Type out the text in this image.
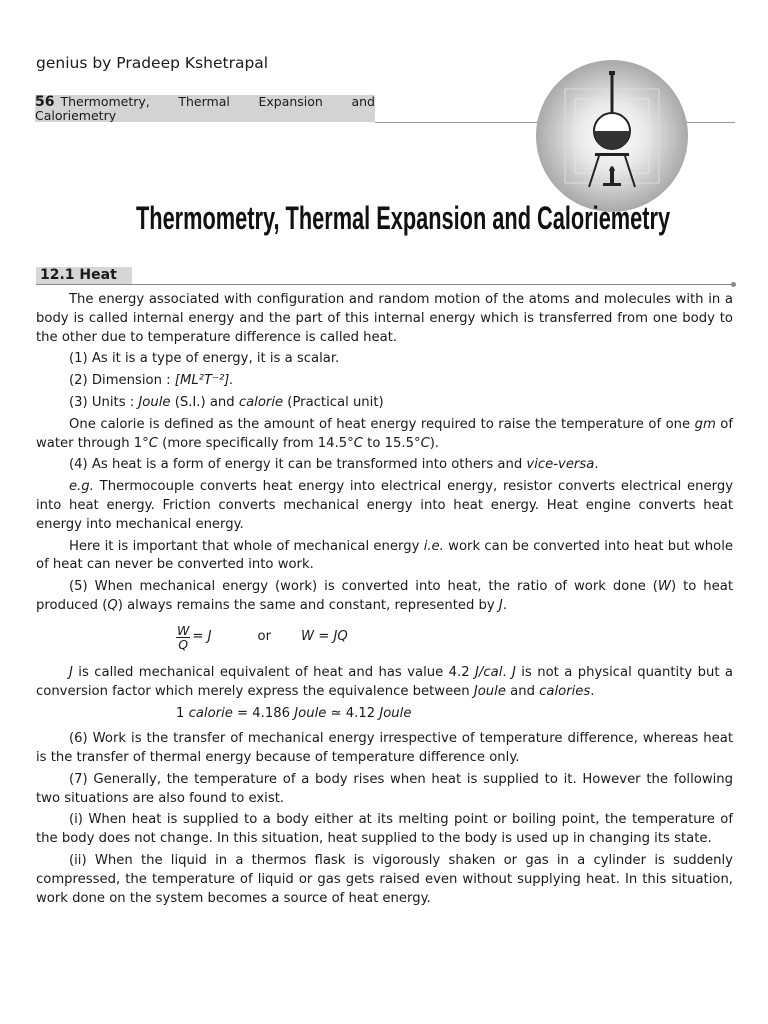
genius by Pradeep Kshetrapal
56 Thermometry, Thermal Expansion and
Caloriemetry
Thermometry, Thermal Expansion and Caloriemetry
12.1 Heat

The energy associated with configuration and random motion of the atoms and molecules with in a body is called internal energy and the part of this internal energy which is transferred from one body to the other due to temperature difference is called heat.

(1) As it is a type of energy, it is a scalar.

(2) Dimension : [ML²T⁻²].

(3) Units : Joule (S.I.) and calorie (Practical unit)

One calorie is defined as the amount of heat energy required to raise the temperature of one gm of water through 1°C (more specifically from 14.5°C to 15.5°C).

(4) As heat is a form of energy it can be transformed into others and vice-versa.

e.g. Thermocouple converts heat energy into electrical energy, resistor converts electrical energy into heat energy. Friction converts mechanical energy into heat energy. Heat engine converts heat energy into mechanical energy.

Here it is important that whole of mechanical energy i.e. work can be converted into heat but whole of heat can never be converted into work.

(5) When mechanical energy (work) is converted into heat, the ratio of work done (W) to heat produced (Q) always remains the same and constant, represented by J.

$\frac{W}{Q} = J$	or W = JQ

J is called mechanical equivalent of heat and has value 4.2 J/cal. J is not a physical quantity but a conversion factor which merely express the equivalence between Joule and calories.

1 calorie = 4.186 Joule ≃ 4.12 Joule

(6) Work is the transfer of mechanical energy irrespective of temperature difference, whereas heat is the transfer of thermal energy because of temperature difference only.

(7) Generally, the temperature of a body rises when heat is supplied to it. However the following two situations are also found to exist.

(i) When heat is supplied to a body either at its melting point or boiling point, the temperature of the body does not change. In this situation, heat supplied to the body is used up in changing its state.

(ii) When the liquid in a thermos flask is vigorously shaken or gas in a cylinder is suddenly compressed, the temperature of liquid or gas gets raised even without supplying heat. In this situation, work done on the system becomes a source of heat energy.
